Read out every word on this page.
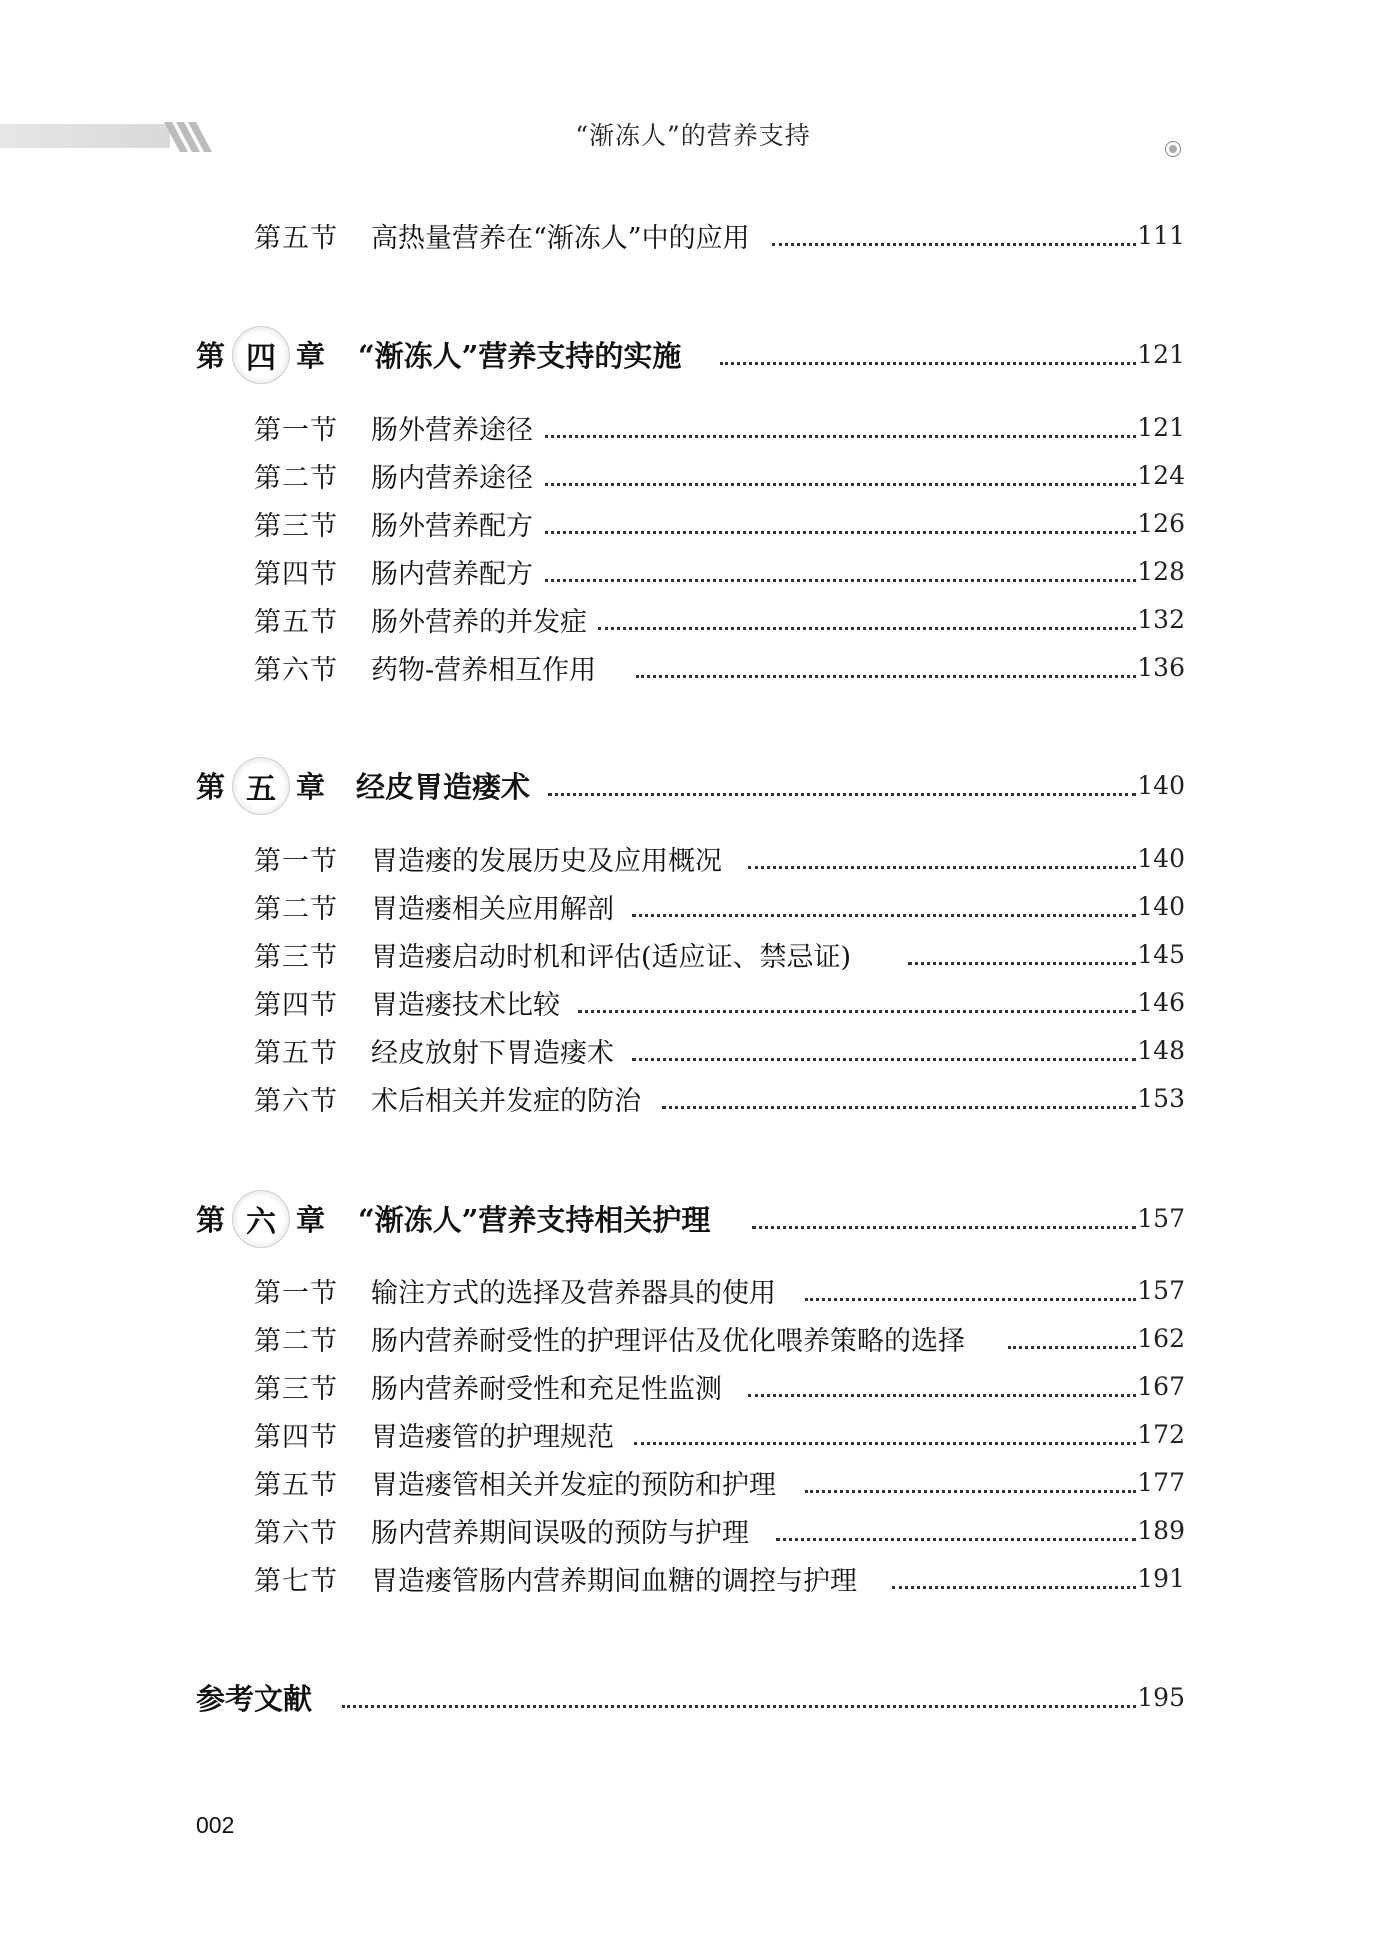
“渐冻人”的营养支持
第五节 高热量营养在“渐冻人”中的应用	111
第 四 章 “渐冻人”营养支持的实施	121
第一节 肠外营养途径	121
第二节 肠内营养途径	124
第三节 肠外营养配方	126
第四节 肠内营养配方	128
第五节 肠外营养的并发症	132
第六节 药物-营养相互作用	136
第 五 章 经皮胃造瘘术	140
第一节 胃造瘘的发展历史及应用概况	140
第二节 胃造瘘相关应用解剖	140
第三节 胃造瘘启动时机和评估(适应证、禁忌证)	145
第四节 胃造瘘技术比较	146
第五节 经皮放射下胃造瘘术	148
第六节 术后相关并发症的防治	153
第 六 章 “渐冻人”营养支持相关护理	157
第一节 输注方式的选择及营养器具的使用	157
第二节 肠内营养耐受性的护理评估及优化喂养策略的选择	162
第三节 肠内营养耐受性和充足性监测	167
第四节 胃造瘘管的护理规范	172
第五节 胃造瘘管相关并发症的预防和护理	177
第六节 肠内营养期间误吸的预防与护理	189
第七节 胃造瘘管肠内营养期间血糖的调控与护理	191
参考文献	195
002
